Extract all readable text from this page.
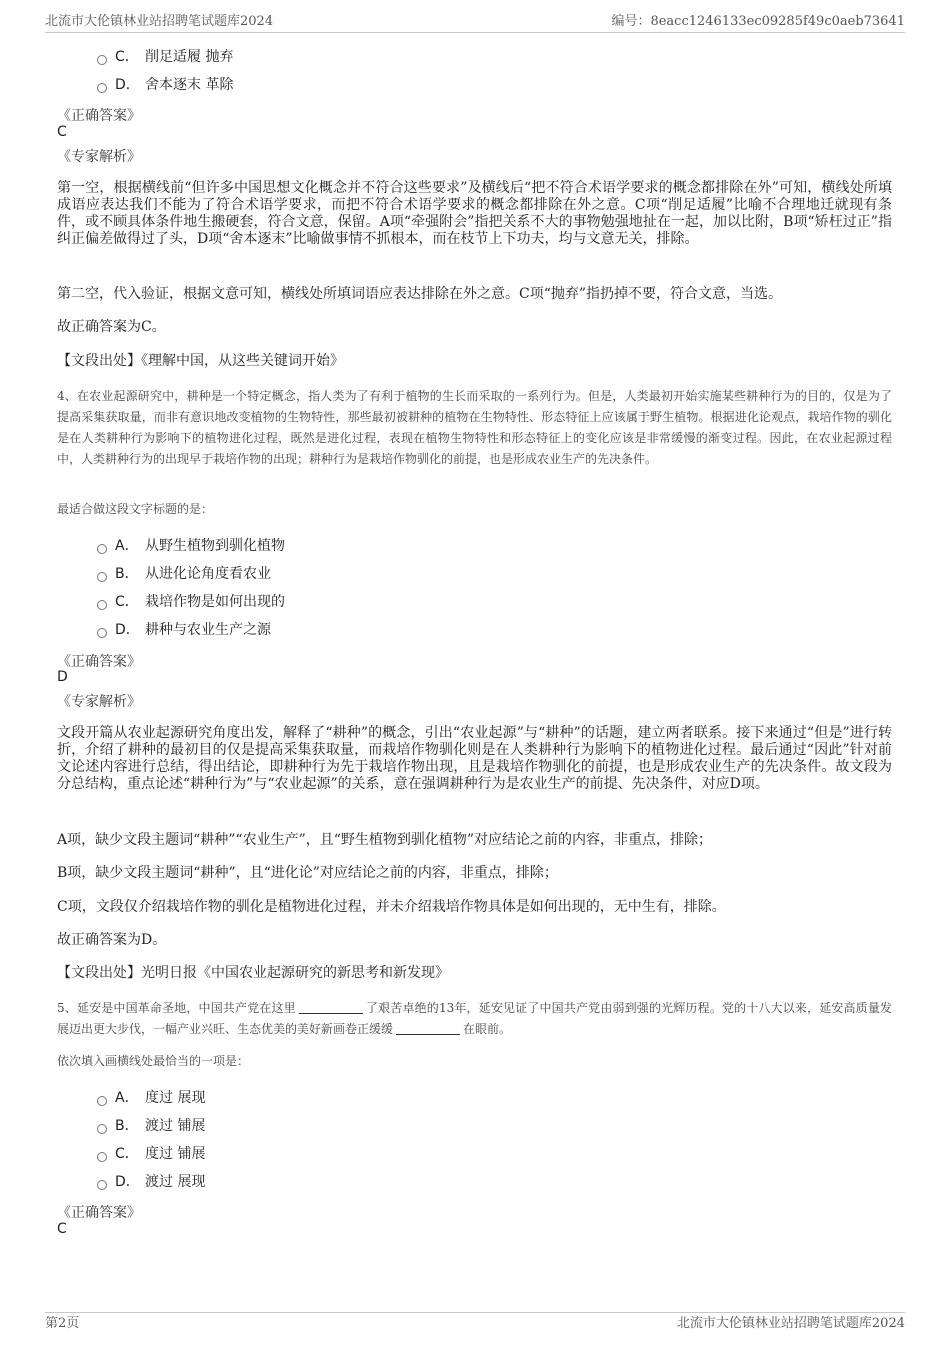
北流市大伦镇林业站招聘笔试题库2024	编号：8eacc1246133ec09285f49c0aeb73641
C． 削足适履 抛弃
D． 舍本逐末 革除
《正确答案》
C
《专家解析》
第一空，根据横线前“但许多中国思想文化概念并不符合这些要求”及横线后“把不符合术语学要求的概念都排除在外”可知，横线处所填成语应表达我们不能为了符合术语学要求，而把不符合术语学要求的概念都排除在外之意。C项“削足适履”比喻不合理地迁就现有条件，或不顾具体条件地生搬硬套，符合文意，保留。A项“牵强附会”指把关系不大的事物勉强地扯在一起，加以比附，B项“矫枉过正”指纠正偏差做得过了头，D项“舍本逐末”比喻做事情不抓根本，而在枝节上下功夫，均与文意无关，排除。
第二空，代入验证，根据文意可知，横线处所填词语应表达排除在外之意。C项“抛弃”指扔掉不要，符合文意，当选。
故正确答案为C。
【文段出处】《理解中国，从这些关键词开始》
4、在农业起源研究中，耕种是一个特定概念，指人类为了有利于植物的生长而采取的一系列行为。但是，人类最初开始实施某些耕种行为的目的，仅是为了提高采集获取量，而非有意识地改变植物的生物特性，那些最初被耕种的植物在生物特性、形态特征上应该属于野生植物。根据进化论观点，栽培作物的驯化是在人类耕种行为影响下的植物进化过程，既然是进化过程，表现在植物生物特性和形态特征上的变化应该是非常缓慢的渐变过程。因此，在农业起源过程中，人类耕种行为的出现早于栽培作物的出现；耕种行为是栽培作物驯化的前提，也是形成农业生产的先决条件。
最适合做这段文字标题的是：
A． 从野生植物到驯化植物
B． 从进化论角度看农业
C． 栽培作物是如何出现的
D． 耕种与农业生产之源
《正确答案》
D
《专家解析》
文段开篇从农业起源研究角度出发，解释了“耕种”的概念，引出“农业起源”与“耕种”的话题，建立两者联系。接下来通过“但是”进行转折，介绍了耕种的最初目的仅是提高采集获取量，而栽培作物驯化则是在人类耕种行为影响下的植物进化过程。最后通过“因此”针对前文论述内容进行总结，得出结论，即耕种行为先于栽培作物出现，且是栽培作物驯化的前提，也是形成农业生产的先决条件。故文段为分总结构，重点论述“耕种行为”与“农业起源”的关系，意在强调耕种行为是农业生产的前提、先决条件，对应D项。
A项，缺少文段主题词“耕种”“农业生产”，且“野生植物到驯化植物”对应结论之前的内容，非重点，排除；
B项，缺少文段主题词“耕种”，且“进化论”对应结论之前的内容，非重点，排除；
C项，文段仅介绍栽培作物的驯化是植物进化过程，并未介绍栽培作物具体是如何出现的，无中生有，排除。
故正确答案为D。
【文段出处】光明日报《中国农业起源研究的新思考和新发现》
5、延安是中国革命圣地，中国共产党在这里	了艰苦卓绝的13年，延安见证了中国共产党由弱到强的光辉历程。党的十八大以来，延安高质量发展迈出更大步伐，一幅产业兴旺、生态优美的美好新画卷正缓缓	在眼前。
依次填入画横线处最恰当的一项是：
A． 度过 展现
B． 渡过 铺展
C． 度过 铺展
D． 渡过 展现
《正确答案》
C
第2页	北流市大伦镇林业站招聘笔试题库2024
